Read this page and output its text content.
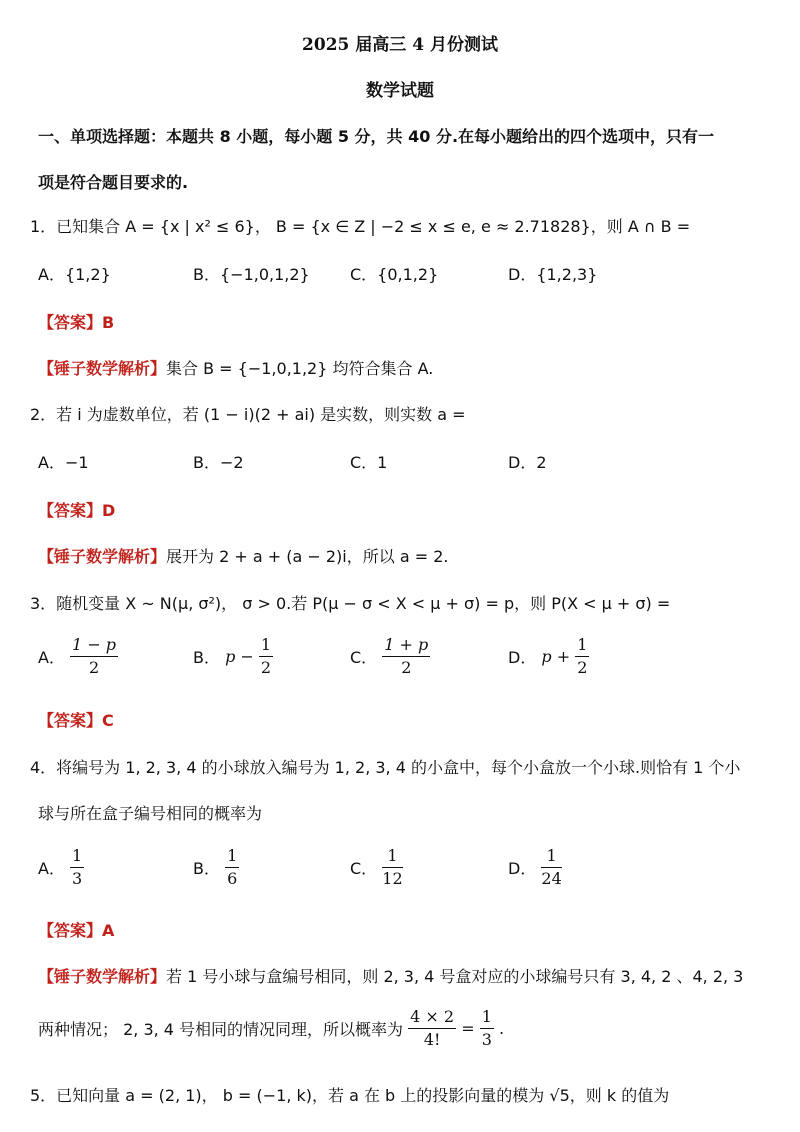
2025 届高三 4 月份测试
数学试题
一、单项选择题：本题共 8 小题，每小题 5 分，共 40 分.在每小题给出的四个选项中，只有一
项是符合题目要求的.
1．已知集合 A = {x | x² ≤ 6}， B = {x ∈ Z | −2 ≤ x ≤ e, e ≈ 2.71828}，则 A ∩ B =
A．{1,2}	B．{−1,0,1,2}	C．{0,1,2}	D．{1,2,3}
【答案】B
【锤子数学解析】集合 B = {−1,0,1,2} 均符合集合 A.
2．若 i 为虚数单位，若 (1 − i)(2 + ai) 是实数，则实数 a =
A．−1	B．−2	C．1	D．2
【答案】D
【锤子数学解析】展开为 2 + a + (a − 2)i，所以 a = 2.
3．随机变量 X ~ N(μ, σ²)， σ > 0.若 P(μ − σ < X < μ + σ) = p，则 P(X < μ + σ) =
A． $\frac{1 - p}{2}$	B． $p - \frac{1}{2}$	C． $\frac{1 + p}{2}$	D． $p + \frac{1}{2}$
【答案】C
4．将编号为 1, 2, 3, 4 的小球放入编号为 1, 2, 3, 4 的小盒中，每个小盒放一个小球.则恰有 1 个小
球与所在盒子编号相同的概率为
A． $\frac{1}{3}$	B． $\frac{1}{6}$	C． $\frac{1}{12}$	D． $\frac{1}{24}$
【答案】A
【锤子数学解析】若 1 号小球与盒编号相同，则 2, 3, 4 号盒对应的小球编号只有 3, 4, 2 、4, 2, 3
两种情况； 2, 3, 4 号相同的情况同理，所以概率为 $\frac{4 \times 2}{4!} = \frac{1}{3}$ .
5．已知向量 a = (2, 1)， b = (−1, k)，若 a 在 b 上的投影向量的模为 √5，则 k 的值为
